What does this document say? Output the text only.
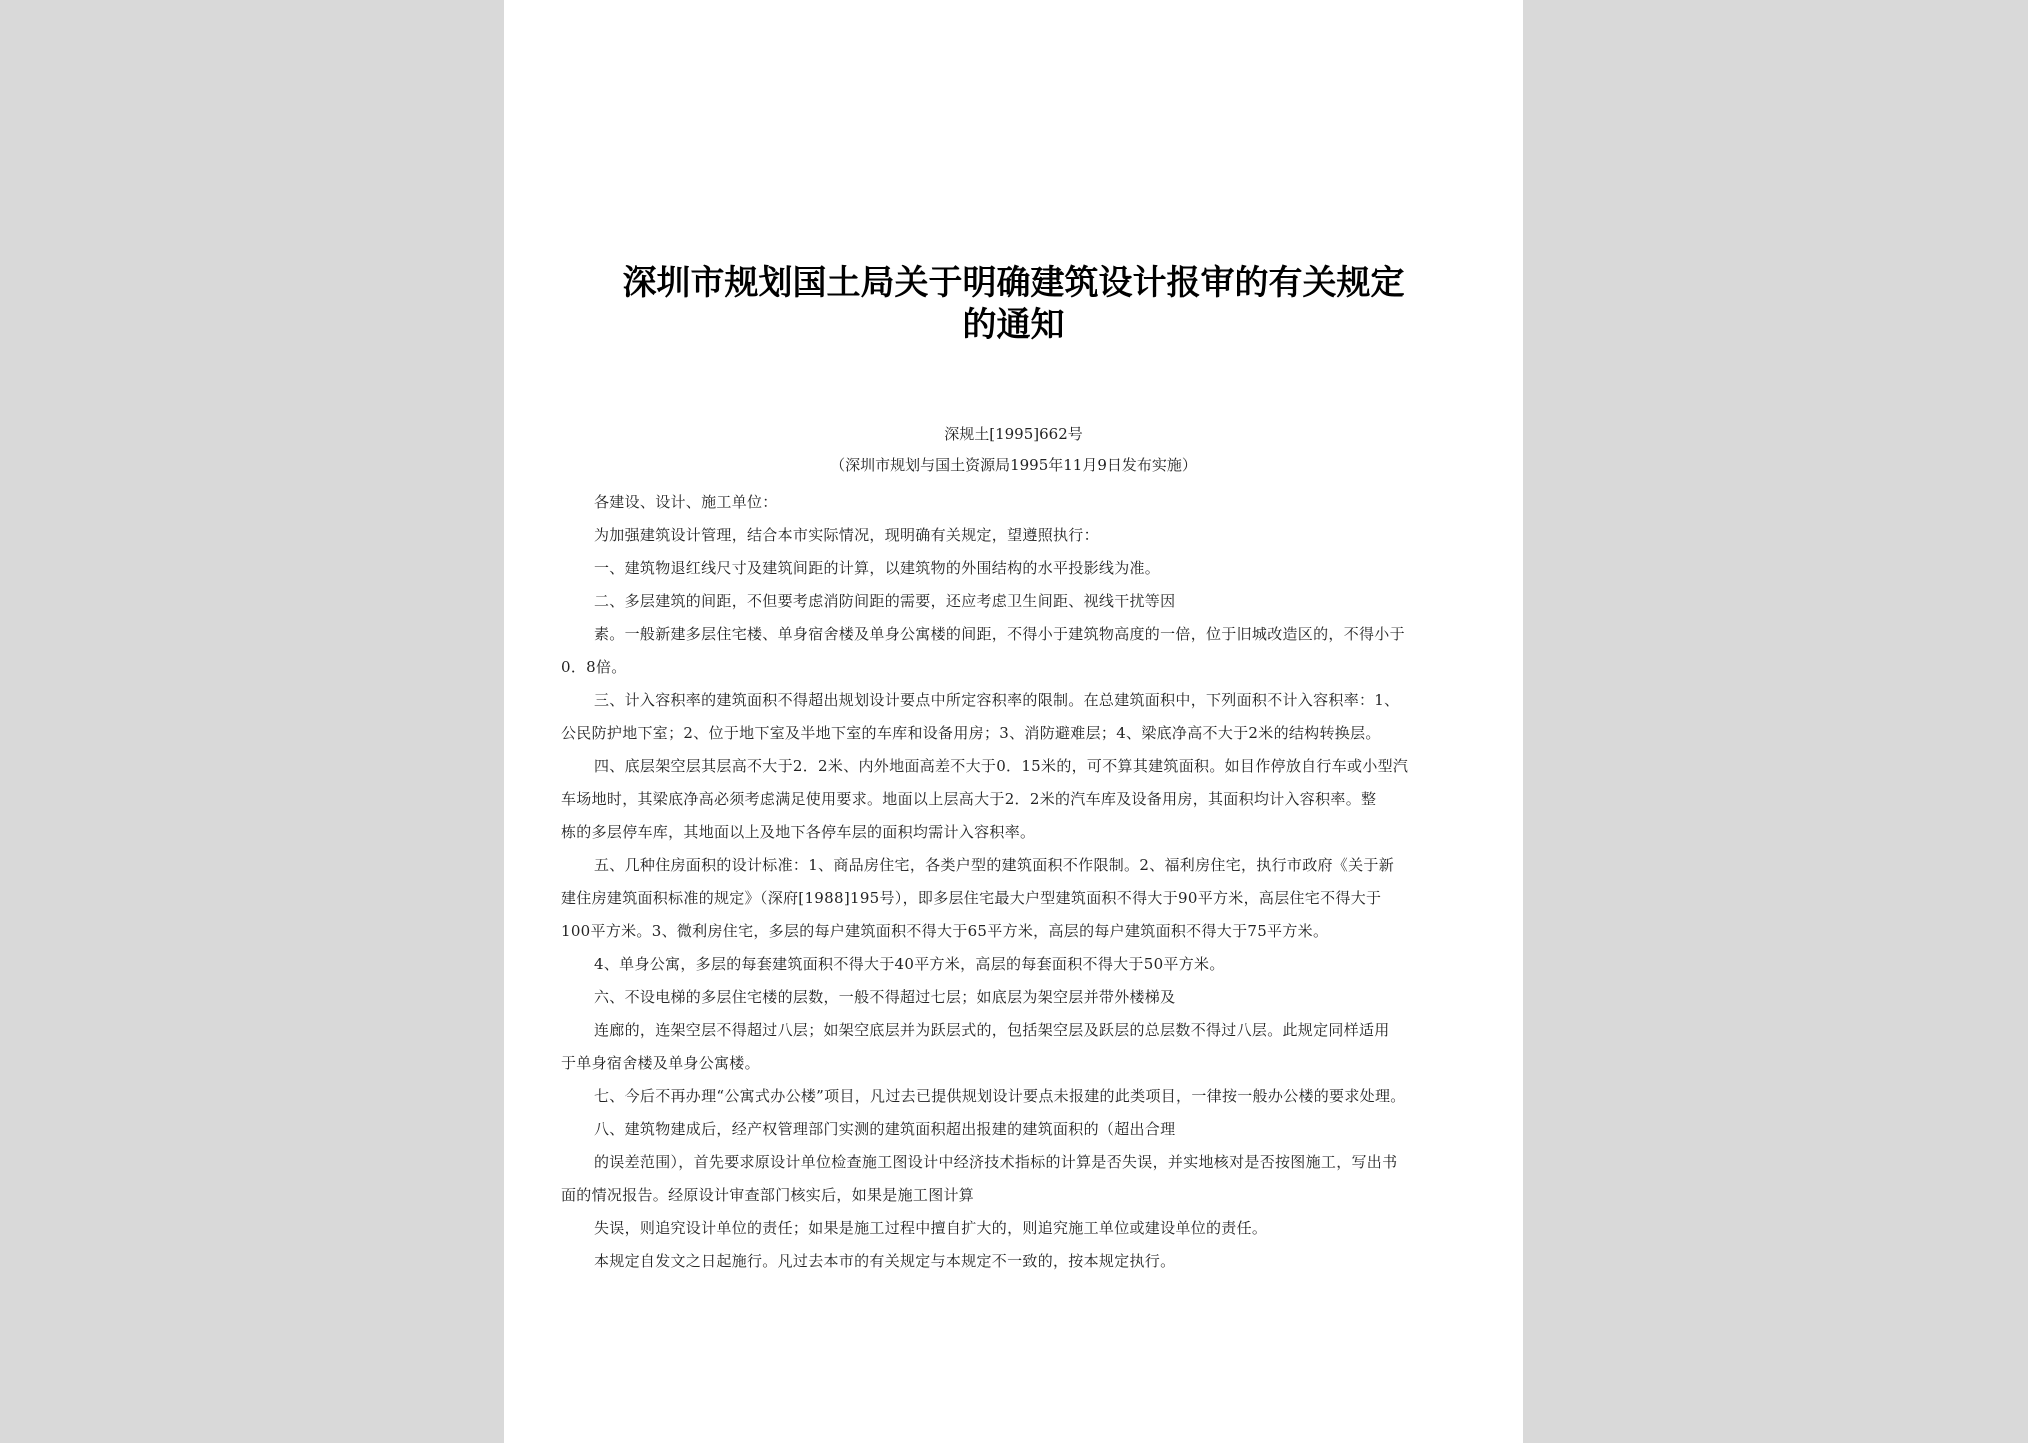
深圳市规划国土局关于明确建筑设计报审的有关规定
的通知
深规土[1995]662号
（深圳市规划与国土资源局1995年11月9日发布实施）

各建设、设计、施工单位：

为加强建筑设计管理，结合本市实际情况，现明确有关规定，望遵照执行：

一、建筑物退红线尺寸及建筑间距的计算，以建筑物的外围结构的水平投影线为准。

二、多层建筑的间距，不但要考虑消防间距的需要，还应考虑卫生间距、视线干扰等因

素。一般新建多层住宅楼、单身宿舍楼及单身公寓楼的间距，不得小于建筑物高度的一倍，位于旧城改造区的，不得小于

0．8倍。

三、计入容积率的建筑面积不得超出规划设计要点中所定容积率的限制。在总建筑面积中，下列面积不计入容积率：1、

公民防护地下室；2、位于地下室及半地下室的车库和设备用房；3、消防避难层；4、梁底净高不大于2米的结构转换层。

四、底层架空层其层高不大于2．2米、内外地面高差不大于0．15米的，可不算其建筑面积。如目作停放自行车或小型汽

车场地时，其梁底净高必须考虑满足使用要求。地面以上层高大于2．2米的汽车库及设备用房，其面积均计入容积率。整

栋的多层停车库，其地面以上及地下各停车层的面积均需计入容积率。

五、几种住房面积的设计标准：1、商品房住宅，各类户型的建筑面积不作限制。2、福利房住宅，执行市政府《关于新

建住房建筑面积标准的规定》（深府[1988]195号），即多层住宅最大户型建筑面积不得大于90平方米，高层住宅不得大于

100平方米。3、微利房住宅，多层的每户建筑面积不得大于65平方米，高层的每户建筑面积不得大于75平方米。

4、单身公寓，多层的每套建筑面积不得大于40平方米，高层的每套面积不得大于50平方米。

六、不设电梯的多层住宅楼的层数，一般不得超过七层；如底层为架空层并带外楼梯及

连廊的，连架空层不得超过八层；如架空底层并为跃层式的，包括架空层及跃层的总层数不得过八层。此规定同样适用

于单身宿舍楼及单身公寓楼。

七、今后不再办理“公寓式办公楼”项目，凡过去已提供规划设计要点未报建的此类项目，一律按一般办公楼的要求处理。

八、建筑物建成后，经产权管理部门实测的建筑面积超出报建的建筑面积的（超出合理

的误差范围），首先要求原设计单位检查施工图设计中经济技术指标的计算是否失误，并实地核对是否按图施工，写出书

面的情况报告。经原设计审查部门核实后，如果是施工图计算

失误，则追究设计单位的责任；如果是施工过程中擅自扩大的，则追究施工单位或建设单位的责任。

本规定自发文之日起施行。凡过去本市的有关规定与本规定不一致的，按本规定执行。
